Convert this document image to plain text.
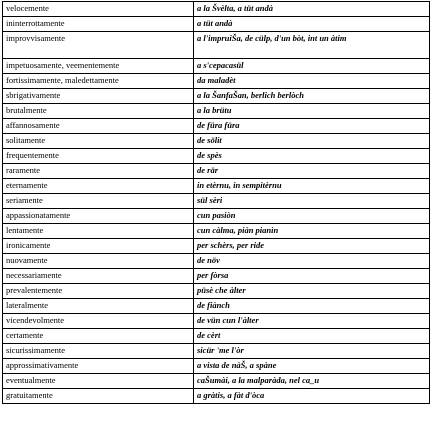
velocemente	a la Švèlta, a tüt andà
ininterrottamente	a tüt andà
improvvisamente	a l'impruiŠa, de cülp, d'un bòt, int un àtim
impetuosamente, veementemente	a s'cepacasül
fortissimamente, maledettamente	da maladèt
sbrigativamente	a la ŠanfaŠan, berlich berlòch
brutalmente	a la brütu
affannosamente	de füra füra
solitamente	de sölit
frequentemente	de spès
raramente	de rär
eternamente	in etèrnu, in sempitèrnu
seriamente	sül sèri
appassionatamente	cun pasiòn
lentamente	cun càlma, piàn pianìn
ironicamente	per schèrs, per ride
nuovamente	de növ
necessariamente	per fòrsa
prevalentemente	püsè che àlter
lateralmente	de fiànch
vicendevolmente	de vün cun l'àlter
certamente	de cèrt
sicurissimamente	sicür 'me l'òr
approssimativamente	a vista de nàŠ, a spàne
eventualmente	caŠumài, a la malparàda, nel ca_u
gratuitamente	a gràtis, a fàt d'òca
